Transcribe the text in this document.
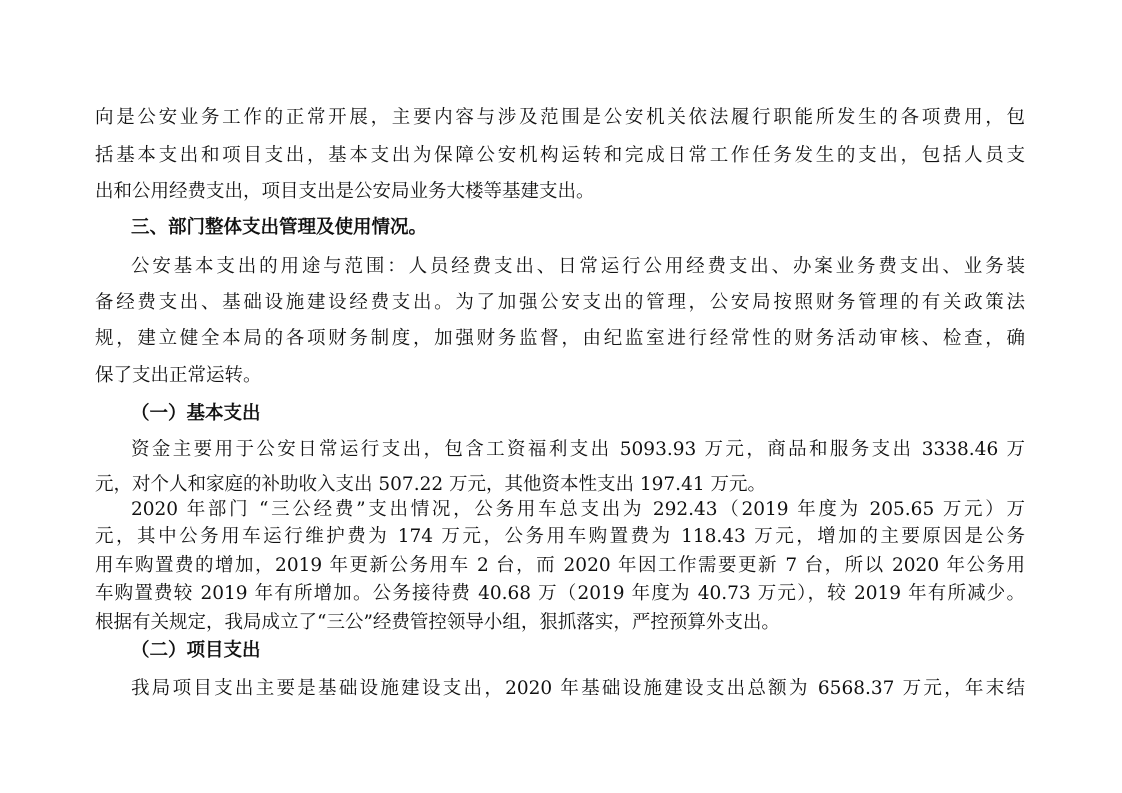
向是公安业务工作的正常开展，主要内容与涉及范围是公安机关依法履行职能所发生的各项费用，包
括基本支出和项目支出，基本支出为保障公安机构运转和完成日常工作任务发生的支出，包括人员支
出和公用经费支出，项目支出是公安局业务大楼等基建支出。
三、部门整体支出管理及使用情况。
公安基本支出的用途与范围：人员经费支出、日常运行公用经费支出、办案业务费支出、业务装
备经费支出、基础设施建设经费支出。为了加强公安支出的管理，公安局按照财务管理的有关政策法
规，建立健全本局的各项财务制度，加强财务监督，由纪监室进行经常性的财务活动审核、检查，确
保了支出正常运转。
（一）基本支出
资金主要用于公安日常运行支出，包含工资福利支出 5093.93 万元，商品和服务支出 3338.46 万
元，对个人和家庭的补助收入支出 507.22 万元，其他资本性支出 197.41 万元。
2020 年部门 “三公经费”支出情况，公务用车总支出为 292.43（2019 年度为 205.65 万元）万
元，其中公务用车运行维护费为 174 万元，公务用车购置费为 118.43 万元，增加的主要原因是公务
用车购置费的增加，2019 年更新公务用车 2 台，而 2020 年因工作需要更新 7 台，所以 2020 年公务用
车购置费较 2019 年有所增加。公务接待费 40.68 万（2019 年度为 40.73 万元），较 2019 年有所减少。
根据有关规定，我局成立了“三公”经费管控领导小组，狠抓落实，严控预算外支出。
（二）项目支出
我局项目支出主要是基础设施建设支出，2020 年基础设施建设支出总额为 6568.37 万元，年末结
